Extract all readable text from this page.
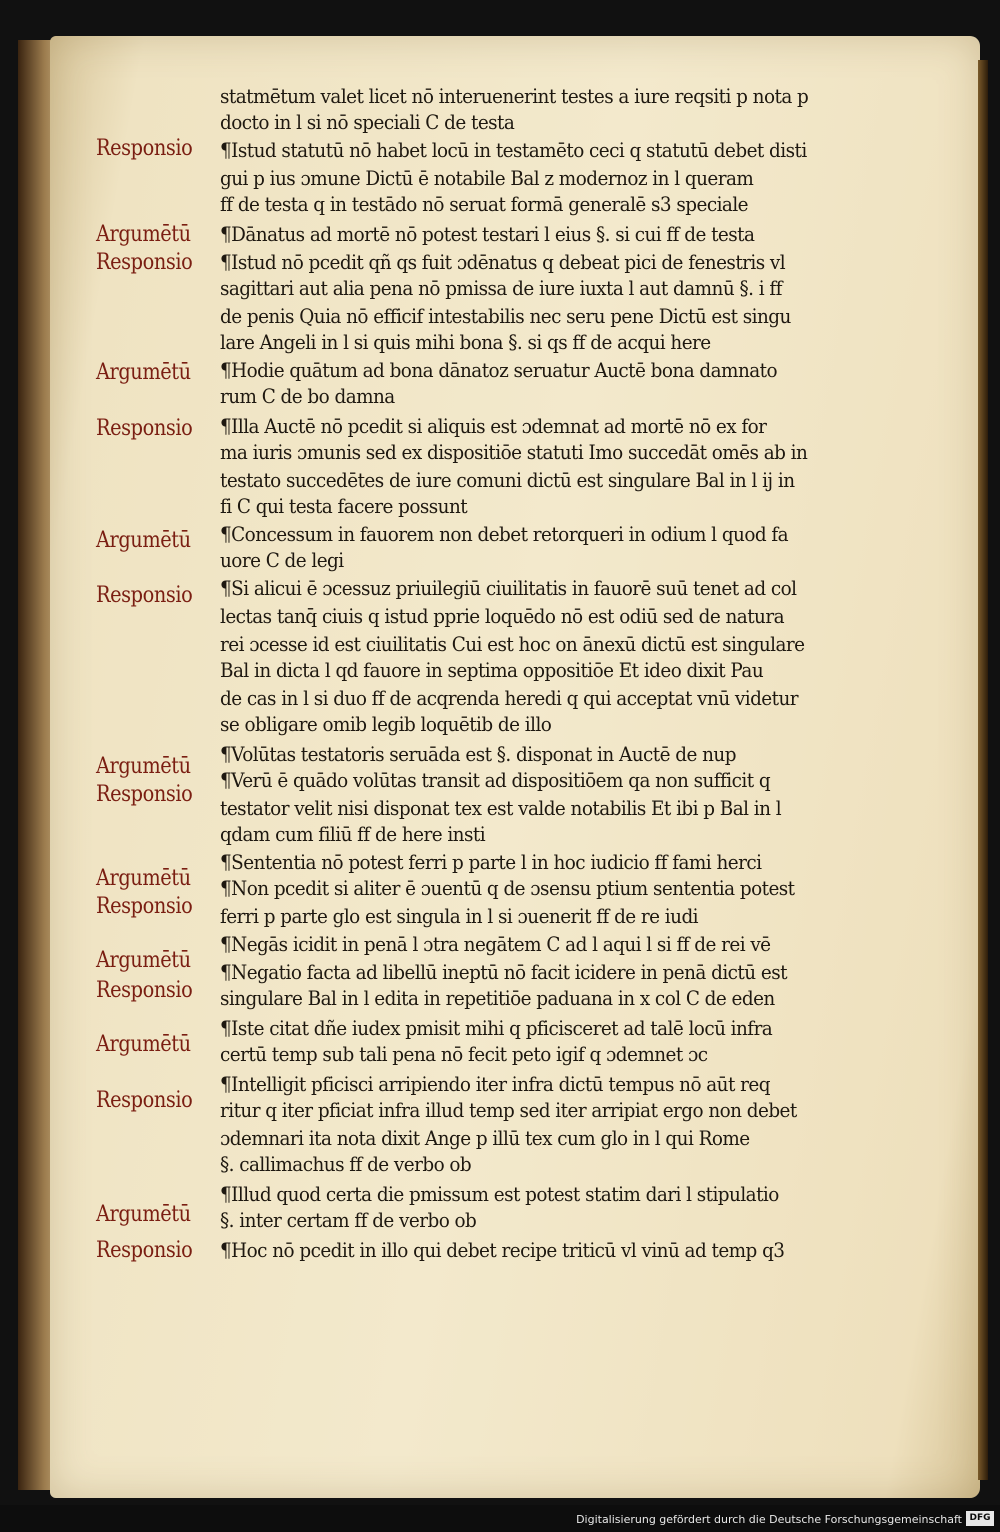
Responsio
Argumētū
Responsio
Argumētū
Responsio
Argumētū
Responsio
Argumētū
Responsio
Argumētū
Responsio
Argumētū
Responsio
Argumētū
Responsio
Argumētū
Responsio
statmētum valet licet nō interuenerint testes a iure reqsiti p nota p
docto in l si nō speciali C de testa
¶Istud statutū nō habet locū in testamēto ceci q statutū debet disti
gui p ius ɔmune Dictū ē notabile Bal z modernoz in l queram
ff de testa q in testādo nō seruat formā generalē s3 speciale
¶Dānatus ad mortē nō potest testari l eius §. si cui ff de testa
¶Istud nō pcedit qñ qs fuit ɔdēnatus q debeat pici de fenestris vl
sagittari aut alia pena nō pmissa de iure iuxta l aut damnū §. i ff
de penis Quia nō efficif intestabilis nec seru pene Dictū est singu
lare Angeli in l si quis mihi bona §. si qs ff de acqui here
¶Hodie quātum ad bona dānatoz seruatur Auctē bona damnato
rum C de bo damna
¶Illa Auctē nō pcedit si aliquis est ɔdemnat ad mortē nō ex for
ma iuris ɔmunis sed ex dispositiōe statuti Imo succedāt omēs ab in
testato succedētes de iure comuni dictū est singulare Bal in l ij in
fi C qui testa facere possunt
¶Concessum in fauorem non debet retorqueri in odium l quod fa
uore C de legi
¶Si alicui ē ɔcessuz priuilegiū ciuilitatis in fauorē suū tenet ad col
lectas tanq̄ ciuis q istud pprie loquēdo nō est odiū sed de natura
rei ɔcesse id est ciuilitatis Cui est hoc on ānexū dictū est singulare
Bal in dicta l qd fauore in septima oppositiōe Et ideo dixit Pau
de cas in l si duo ff de acqrenda heredi q qui acceptat vnū videtur
se obligare omib legib loquētib de illo
¶Volūtas testatoris seruāda est §. disponat in Auctē de nup
¶Verū ē quādo volūtas transit ad dispositiōem qa non sufficit q
testator velit nisi disponat tex est valde notabilis Et ibi p Bal in l
qdam cum filiū ff de here insti
¶Sententia nō potest ferri p parte l in hoc iudicio ff fami herci
¶Non pcedit si aliter ē ɔuentū q de ɔsensu ptium sententia potest
ferri p parte glo est singula in l si ɔuenerit ff de re iudi
¶Negās icidit in penā l ɔtra negātem C ad l aqui l si ff de rei vē
¶Negatio facta ad libellū ineptū nō facit icidere in penā dictū est
singulare Bal in l edita in repetitiōe paduana in x col C de eden
¶Iste citat dñe iudex pmisit mihi q pficisceret ad talē locū infra
certū temp sub tali pena nō fecit peto igif q ɔdemnet ɔc
¶Intelligit pficisci arripiendo iter infra dictū tempus nō aūt req
ritur q iter pficiat infra illud temp sed iter arripiat ergo non debet
ɔdemnari ita nota dixit Ange p illū tex cum glo in l qui Rome
§. callimachus ff de verbo ob
¶Illud quod certa die pmissum est potest statim dari l stipulatio
§. inter certam ff de verbo ob
¶Hoc nō pcedit in illo qui debet recipe triticū vl vinū ad temp q3
Digitalisierung gefördert durch die Deutsche Forschungsgemeinschaft DFG
